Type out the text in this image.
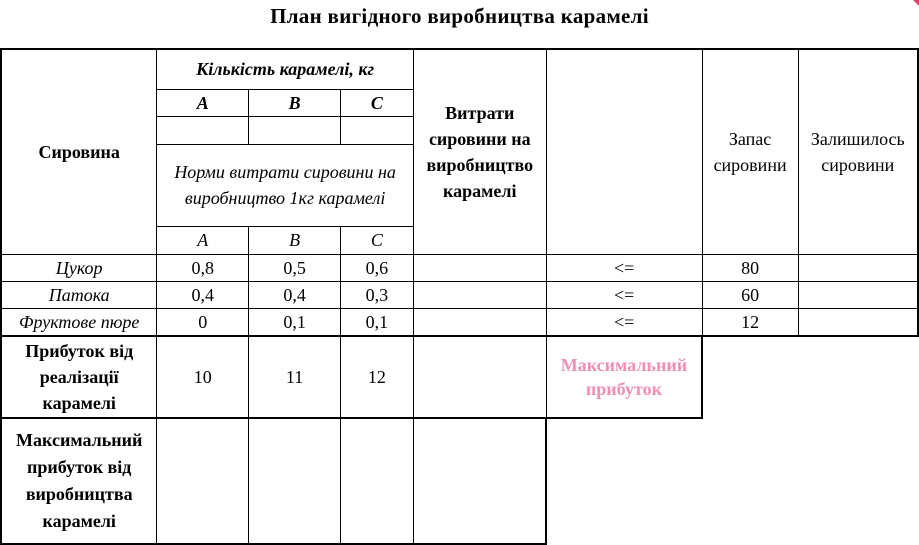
План вигідного виробництва карамелі
Сировина	Кількість карамелі, кг			Витрати сировини на виробництво карамелі		Запас сировини	Залишилось сировини
	A	B	C				

	Норми витрати сировини на виробництво 1кг карамелі						
	A	B	C				

Цукор	0,8	0,5	0,6		<=	80	
Патока	0,4	0,4	0,3		<=	60	
Фруктове пюре	0	0,1	0,1		<=	12	
Прибуток від реалізації карамелі	10	11	12		Максимальний прибуток		
Максимальний прибуток від виробництва карамелі							
